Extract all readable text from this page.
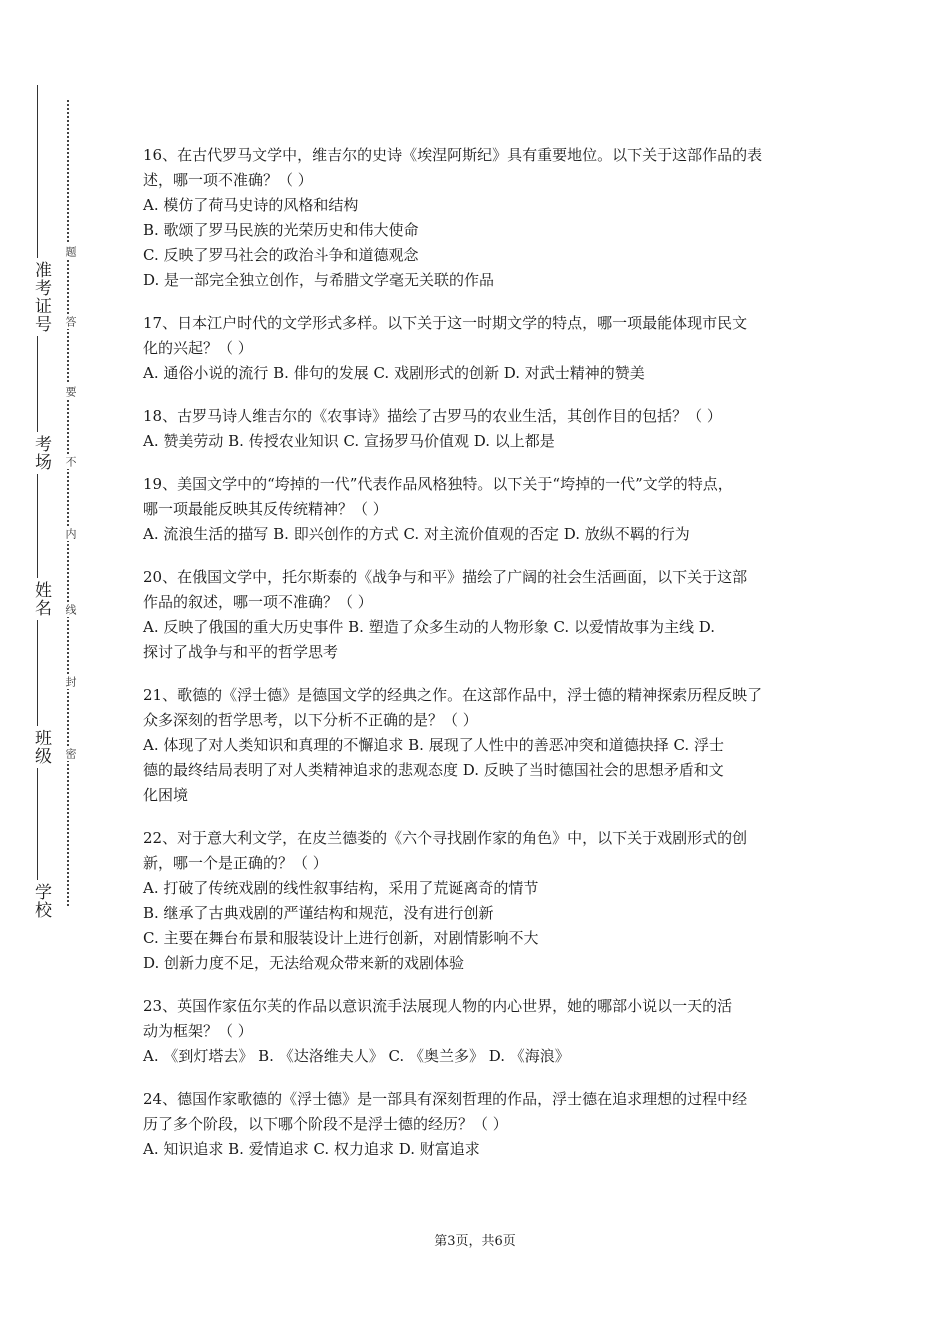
准考证号
考场
姓名
班级
学校
题
答
要
不
内
线
封
密

16、在古代罗马文学中，维吉尔的史诗《埃涅阿斯纪》具有重要地位。以下关于这部作品的表

述，哪一项不准确？（ ）

A. 模仿了荷马史诗的风格和结构

B. 歌颂了罗马民族的光荣历史和伟大使命

C. 反映了罗马社会的政治斗争和道德观念

D. 是一部完全独立创作，与希腊文学毫无关联的作品

17、日本江户时代的文学形式多样。以下关于这一时期文学的特点，哪一项最能体现市民文

化的兴起？（ ）

A. 通俗小说的流行 B. 俳句的发展 C. 戏剧形式的创新 D. 对武士精神的赞美

18、古罗马诗人维吉尔的《农事诗》描绘了古罗马的农业生活，其创作目的包括？（ ）

A. 赞美劳动 B. 传授农业知识 C. 宣扬罗马价值观 D. 以上都是

19、美国文学中的“垮掉的一代”代表作品风格独特。以下关于“垮掉的一代”文学的特点，

哪一项最能反映其反传统精神？（ ）

A. 流浪生活的描写 B. 即兴创作的方式 C. 对主流价值观的否定 D. 放纵不羁的行为

20、在俄国文学中，托尔斯泰的《战争与和平》描绘了广阔的社会生活画面，以下关于这部

作品的叙述，哪一项不准确？（ ）

A. 反映了俄国的重大历史事件 B. 塑造了众多生动的人物形象 C. 以爱情故事为主线 D.

探讨了战争与和平的哲学思考

21、歌德的《浮士德》是德国文学的经典之作。在这部作品中，浮士德的精神探索历程反映了

众多深刻的哲学思考，以下分析不正确的是？（ ）

A. 体现了对人类知识和真理的不懈追求 B. 展现了人性中的善恶冲突和道德抉择 C. 浮士

德的最终结局表明了对人类精神追求的悲观态度 D. 反映了当时德国社会的思想矛盾和文

化困境

22、对于意大利文学，在皮兰德娄的《六个寻找剧作家的角色》中，以下关于戏剧形式的创

新，哪一个是正确的？（ ）

A. 打破了传统戏剧的线性叙事结构，采用了荒诞离奇的情节

B. 继承了古典戏剧的严谨结构和规范，没有进行创新

C. 主要在舞台布景和服装设计上进行创新，对剧情影响不大

D. 创新力度不足，无法给观众带来新的戏剧体验

23、英国作家伍尔芙的作品以意识流手法展现人物的内心世界，她的哪部小说以一天的活

动为框架？（ ）

A. 《到灯塔去》 B. 《达洛维夫人》 C. 《奥兰多》 D. 《海浪》

24、德国作家歌德的《浮士德》是一部具有深刻哲理的作品，浮士德在追求理想的过程中经

历了多个阶段，以下哪个阶段不是浮士德的经历？（ ）

A. 知识追求 B. 爱情追求 C. 权力追求 D. 财富追求

第3页，共6页
